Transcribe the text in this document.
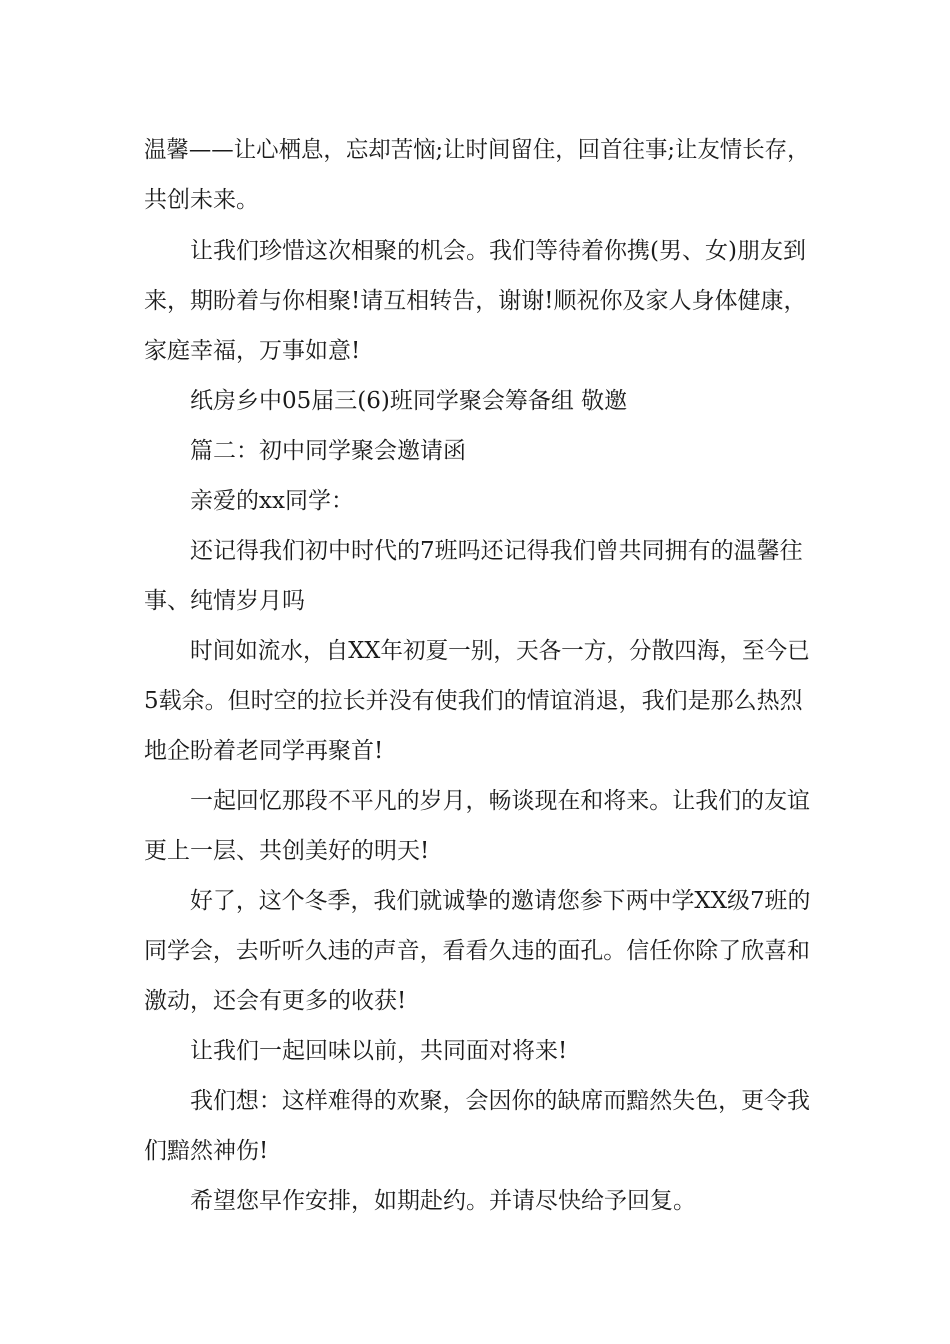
温馨——让心栖息，忘却苦恼;让时间留住，回首往事;让友情长存，
共创未来。
让我们珍惜这次相聚的机会。我们等待着你携(男、女)朋友到
来，期盼着与你相聚!请互相转告，谢谢!顺祝你及家人身体健康，
家庭幸福，万事如意!
纸房乡中05届三(6)班同学聚会筹备组 敬邀
篇二：初中同学聚会邀请函
亲爱的xx同学：
还记得我们初中时代的7班吗还记得我们曾共同拥有的温馨往
事、纯情岁月吗
时间如流水，自XX年初夏一别，天各一方，分散四海，至今已
5载余。但时空的拉长并没有使我们的情谊消退，我们是那么热烈
地企盼着老同学再聚首!
一起回忆那段不平凡的岁月，畅谈现在和将来。让我们的友谊
更上一层、共创美好的明天!
好了，这个冬季，我们就诚挚的邀请您参下两中学XX级7班的
同学会，去听听久违的声音，看看久违的面孔。信任你除了欣喜和
激动，还会有更多的收获!
让我们一起回味以前，共同面对将来!
我们想：这样难得的欢聚，会因你的缺席而黯然失色，更令我
们黯然神伤!
希望您早作安排，如期赴约。并请尽快给予回复。
